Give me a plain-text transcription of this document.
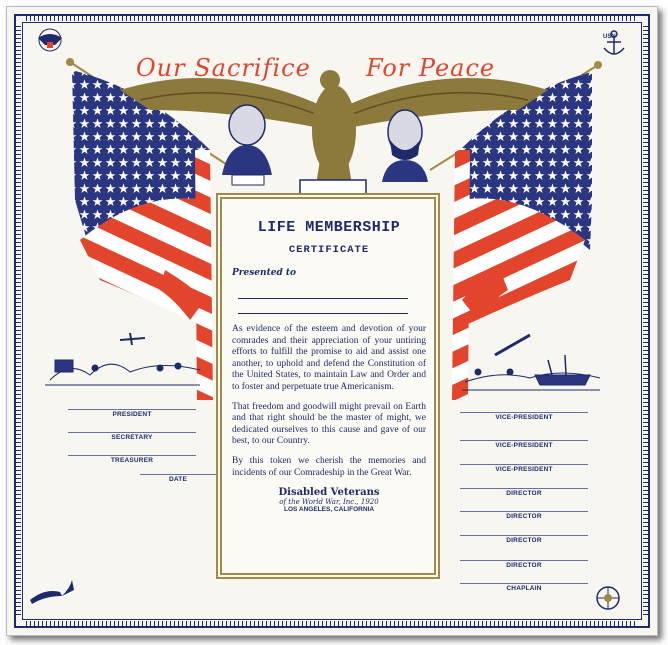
USN
Our Sacrifice For Peace
LIFE MEMBERSHIP
CERTIFICATE
Presented to

As evidence of the esteem and devotion of your comrades and their appreciation of your untiring efforts to fulfill the promise to aid and assist one another, to uphold and defend the Constitution of the United States, to maintain Law and Order and to foster and perpetuate true Americanism.

That freedom and goodwill might prevail on Earth and that right should be the master of might, we dedicated ourselves to this cause and gave of our best, to our Country.

By this token we cherish the memories and incidents of our Comradeship in the Great War.

Disabled Veterans
of the World War, Inc., 1920
LOS ANGELES, CALIFORNIA
PRESIDENT
SECRETARY
TREASURER
DATE
VICE-PRESIDENT
VICE-PRESIDENT
VICE-PRESIDENT
DIRECTOR
DIRECTOR
DIRECTOR
DIRECTOR
CHAPLAIN
